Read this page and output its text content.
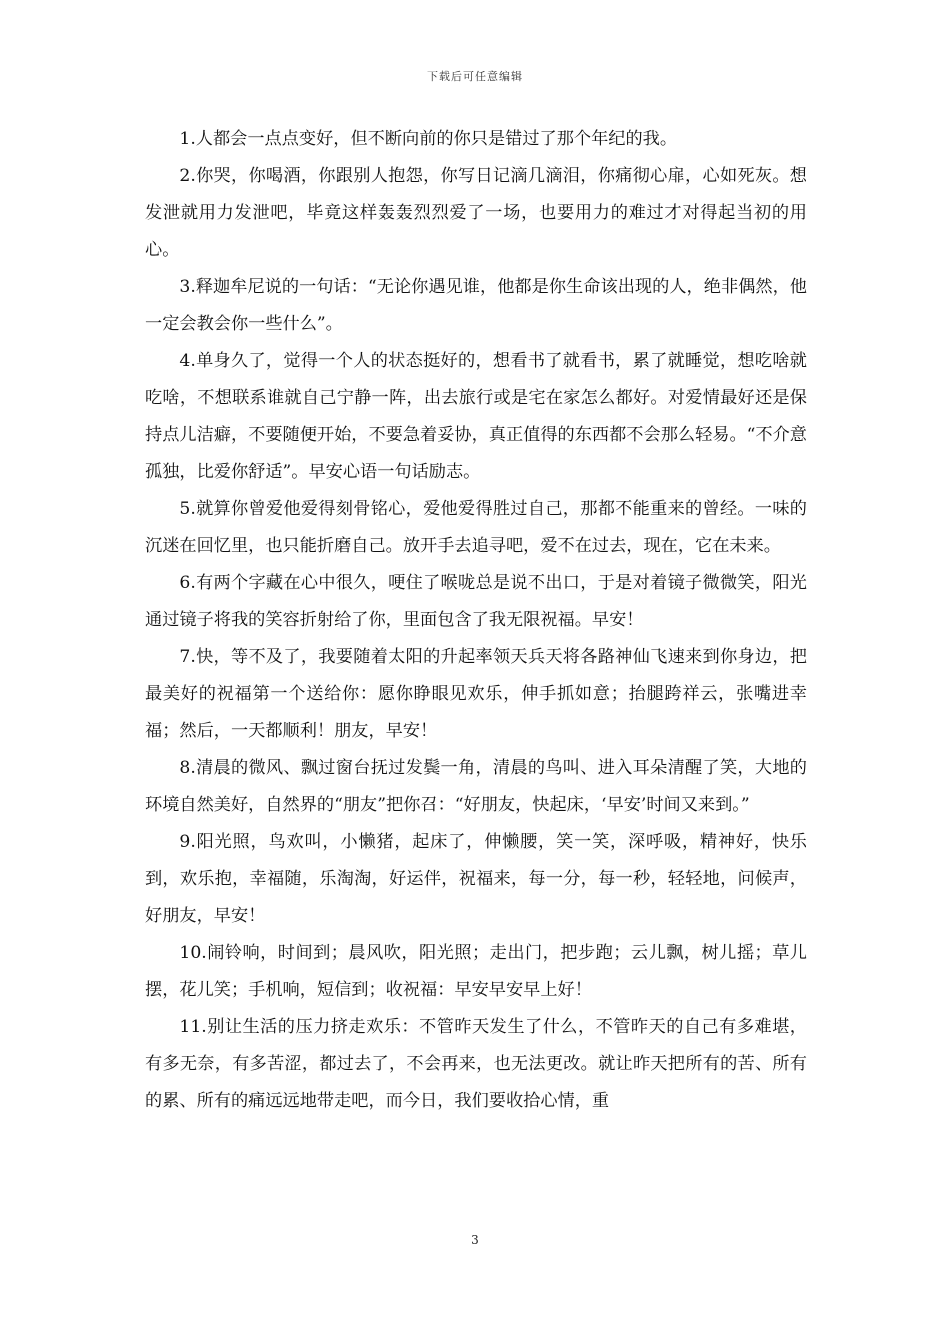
下载后可任意编辑

1.人都会一点点变好，但不断向前的你只是错过了那个年纪的我。

2.你哭，你喝酒，你跟别人抱怨，你写日记滴几滴泪，你痛彻心扉，心如死灰。想发泄就用力发泄吧，毕竟这样轰轰烈烈爱了一场，也要用力的难过才对得起当初的用心。

3.释迦牟尼说的一句话：“无论你遇见谁，他都是你生命该出现的人，绝非偶然，他一定会教会你一些什么”。

4.单身久了，觉得一个人的状态挺好的，想看书了就看书，累了就睡觉，想吃啥就吃啥，不想联系谁就自己宁静一阵，出去旅行或是宅在家怎么都好。对爱情最好还是保持点儿洁癖，不要随便开始，不要急着妥协，真正值得的东西都不会那么轻易。“不介意孤独，比爱你舒适”。早安心语一句话励志。

5.就算你曾爱他爱得刻骨铭心，爱他爱得胜过自己，那都不能重来的曾经。一味的沉迷在回忆里，也只能折磨自己。放开手去追寻吧，爱不在过去，现在，它在未来。

6.有两个字藏在心中很久，哽住了喉咙总是说不出口，于是对着镜子微微笑，阳光通过镜子将我的笑容折射给了你，里面包含了我无限祝福。早安！

7.快，等不及了，我要随着太阳的升起率领天兵天将各路神仙飞速来到你身边，把最美好的祝福第一个送给你：愿你睁眼见欢乐，伸手抓如意；抬腿跨祥云，张嘴进幸福；然后，一天都顺利！朋友，早安！

8.清晨的微风、飘过窗台抚过发鬓一角，清晨的鸟叫、进入耳朵清醒了笑，大地的环境自然美好，自然界的“朋友”把你召：“好朋友，快起床，‘早安’时间又来到。”

9.阳光照，鸟欢叫，小懒猪，起床了，伸懒腰，笑一笑，深呼吸，精神好，快乐到，欢乐抱，幸福随，乐淘淘，好运伴，祝福来，每一分，每一秒，轻轻地，问候声，好朋友，早安！

10.闹铃响，时间到；晨风吹，阳光照；走出门，把步跑；云儿飘，树儿摇；草儿摆，花儿笑；手机响，短信到；收祝福：早安早安早上好！

11.别让生活的压力挤走欢乐：不管昨天发生了什么，不管昨天的自己有多难堪，有多无奈，有多苦涩，都过去了，不会再来，也无法更改。就让昨天把所有的苦、所有的累、所有的痛远远地带走吧，而今日，我们要收拾心情，重

3
